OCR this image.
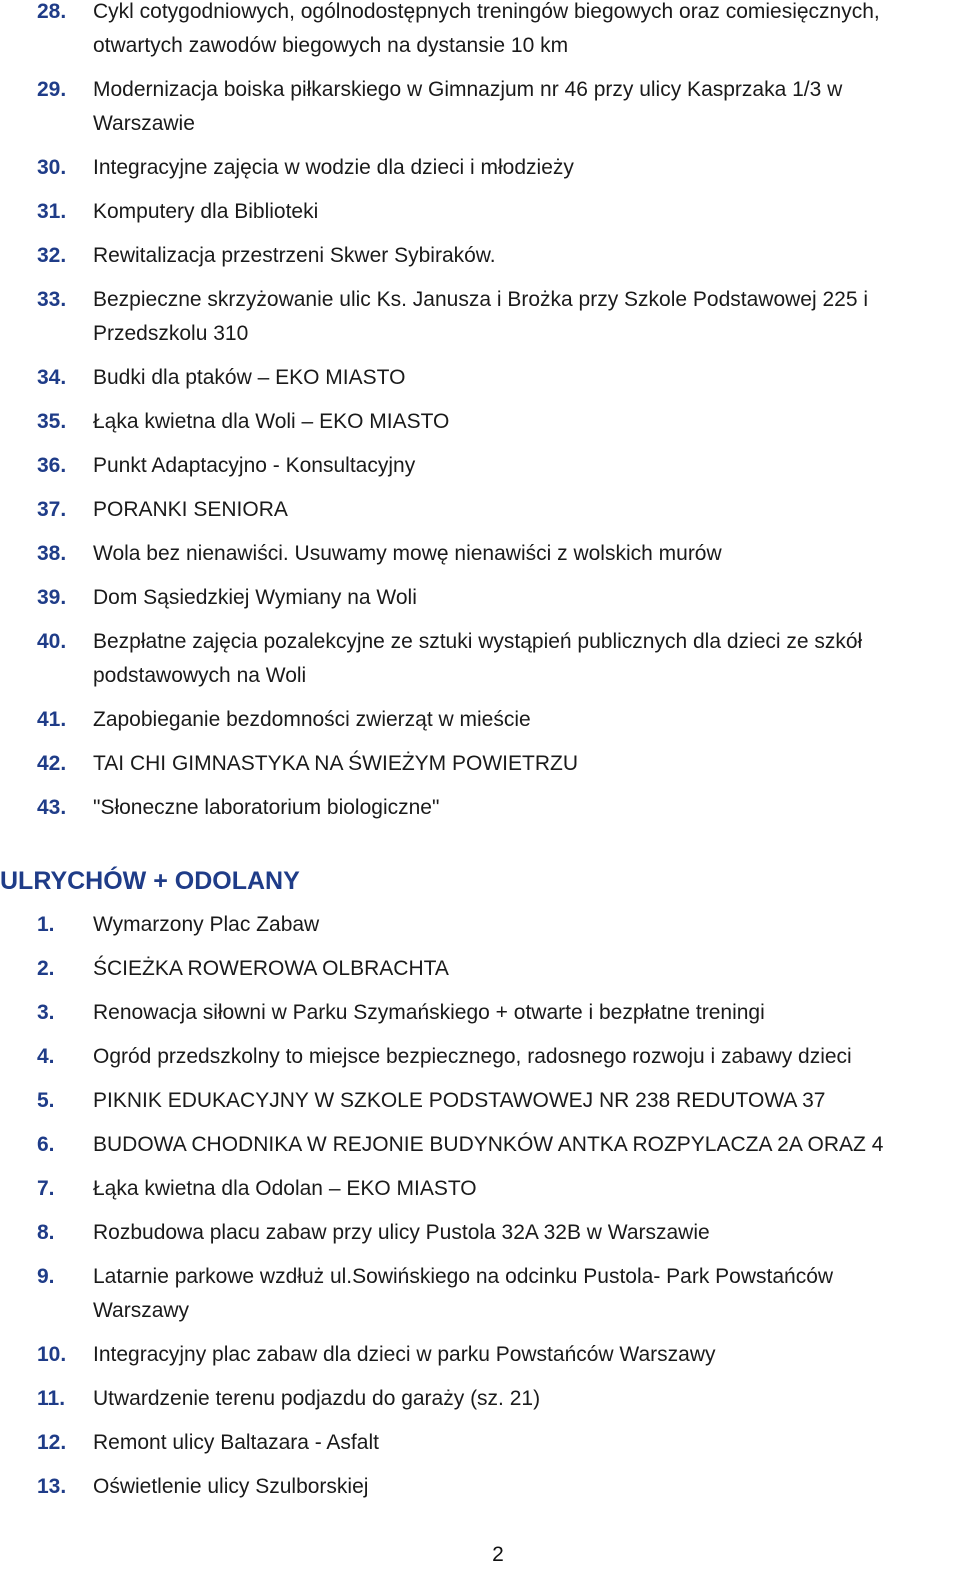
28.	Cykl cotygodniowych, ogólnodostępnych treningów biegowych oraz comiesięcznych, otwartych zawodów biegowych na dystansie 10 km
29.	Modernizacja boiska piłkarskiego w Gimnazjum nr 46 przy ulicy Kasprzaka 1/3 w Warszawie
30.	Integracyjne zajęcia w wodzie dla dzieci i młodzieży
31.	Komputery dla Biblioteki
32.	Rewitalizacja przestrzeni Skwer Sybiraków.
33.	Bezpieczne skrzyżowanie ulic Ks. Janusza i Brożka przy Szkole Podstawowej 225 i Przedszkolu 310
34.	Budki dla ptaków – EKO MIASTO
35.	Łąka kwietna dla Woli – EKO MIASTO
36.	Punkt Adaptacyjno - Konsultacyjny
37.	PORANKI SENIORA
38.	Wola bez nienawiści. Usuwamy mowę nienawiści z wolskich murów
39.	Dom Sąsiedzkiej Wymiany na Woli
40.	Bezpłatne zajęcia pozalekcyjne ze sztuki wystąpień publicznych dla dzieci ze szkół podstawowych na Woli
41.	Zapobieganie bezdomności zwierząt w mieście
42.	TAI CHI GIMNASTYKA NA ŚWIEŻYM POWIETRZU
43.	"Słoneczne laboratorium biologiczne"
ULRYCHÓW + ODOLANY
1.	Wymarzony Plac Zabaw
2.	ŚCIEŻKA ROWEROWA OLBRACHTA
3.	Renowacja siłowni w Parku Szymańskiego + otwarte i bezpłatne treningi
4.	Ogród przedszkolny to miejsce bezpiecznego, radosnego rozwoju i zabawy dzieci
5.	PIKNIK EDUKACYJNY W SZKOLE PODSTAWOWEJ NR 238 REDUTOWA 37
6.	BUDOWA CHODNIKA W REJONIE BUDYNKÓW ANTKA ROZPYLACZA 2A ORAZ 4
7.	Łąka kwietna dla Odolan – EKO MIASTO
8.	Rozbudowa placu zabaw przy ulicy Pustola 32A 32B w Warszawie
9.	Latarnie parkowe wzdłuż ul.Sowińskiego na odcinku Pustola- Park Powstańców Warszawy
10.	Integracyjny plac zabaw dla dzieci w parku Powstańców Warszawy
11.	Utwardzenie terenu podjazdu do garaży (sz. 21)
12.	Remont ulicy Baltazara - Asfalt
13.	Oświetlenie ulicy Szulborskiej
2
